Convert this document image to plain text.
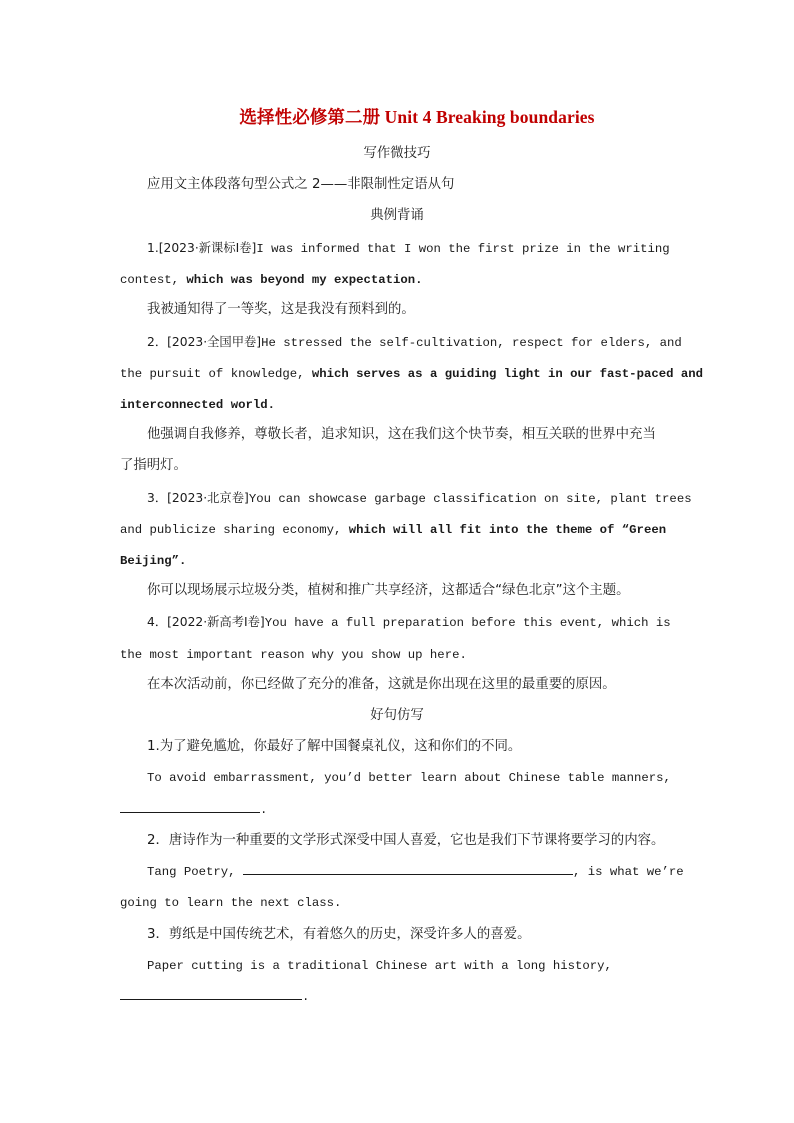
选择性必修第二册 Unit 4 Breaking boundaries
写作微技巧
应用文主体段落句型公式之 2——非限制性定语从句
典例背诵
1.[2023·新课标Ⅰ卷]I was informed that I won the first prize in the writing
contest, which was beyond my expectation.
我被通知得了一等奖，这是我没有预料到的。
2．[2023·全国甲卷]He stressed the self-cultivation, respect for elders, and
the pursuit of knowledge, which serves as a guiding light in our fast-paced and
interconnected world.
他强调自我修养，尊敬长者，追求知识，这在我们这个快节奏，相互关联的世界中充当
了指明灯。
3．[2023·北京卷]You can showcase garbage classification on site, plant trees
and publicize sharing economy, which will all fit into the theme of “Green
Beijing”.
你可以现场展示垃圾分类，植树和推广共享经济，这都适合“绿色北京”这个主题。
4．[2022·新高考Ⅰ卷]You have a full preparation before this event, which is
the most important reason why you show up here.
在本次活动前，你已经做了充分的准备，这就是你出现在这里的最重要的原因。
好句仿写
1.为了避免尴尬，你最好了解中国餐桌礼仪，这和你们的不同。
To avoid embarrassment, you’d better learn about Chinese table manners,
.
2．唐诗作为一种重要的文学形式深受中国人喜爱，它也是我们下节课将要学习的内容。
Tang Poetry,	, is what we’re
going to learn the next class.
3．剪纸是中国传统艺术，有着悠久的历史，深受许多人的喜爱。
Paper cutting is a traditional Chinese art with a long history,
.
